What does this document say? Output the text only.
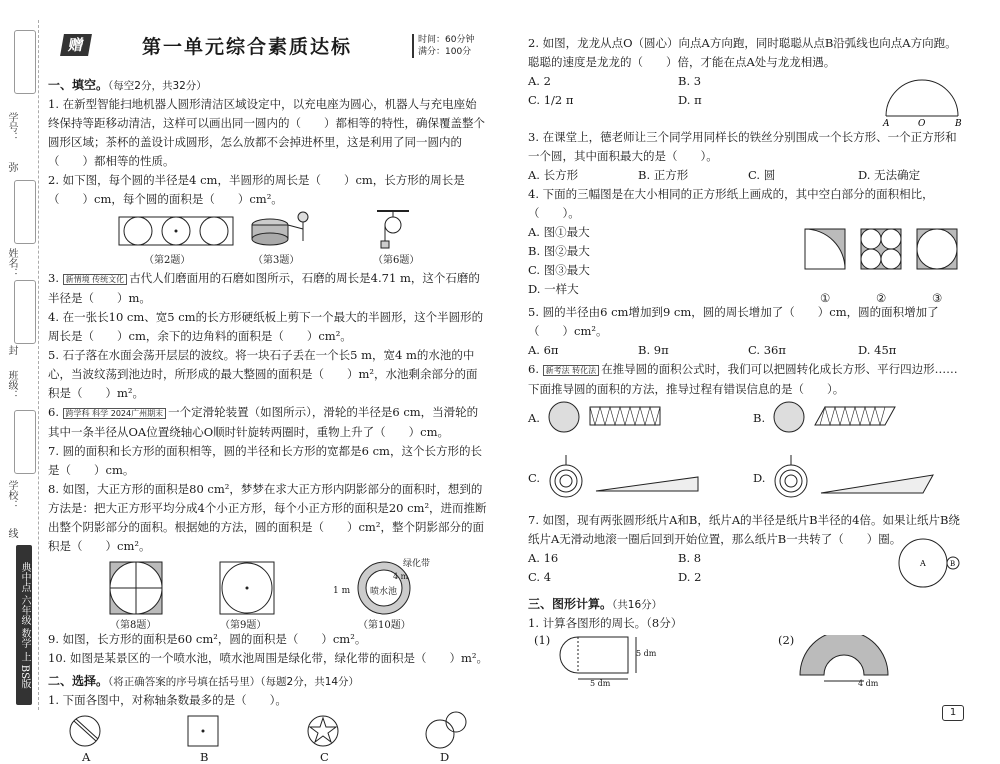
学号：
弥
姓名：
封
班级：
学校：
线
典中点 六年级 数学 上 BS版
赠	第一单元综合素质达标	时间：60分钟
满分：100分
一、填空。（每空2分，共32分）

1. 在新型智能扫地机器人圆形清洁区域设定中，以充电座为圆心，机器人与充电座始终保持等距移动清洁，这样可以画出同一圆内的（　　）都相等的特性，确保覆盖整个圆形区域；茶杯的盖设计成圆形，怎么放都不会掉进杯里，这是利用了同一圆内的（　　）都相等的性质。

2. 如下图，每个圆的半径是4 cm，半圆形的周长是（　　）cm，长方形的周长是（　　）cm，每个圆的面积是（　　）cm²。

（第2题）	（第3题）	（第6题）

3. 新情境 传统文化 古代人们磨面用的石磨如图所示，石磨的周长是4.71 m，这个石磨的半径是（　　）m。

4. 在一张长10 cm、宽5 cm的长方形硬纸板上剪下一个最大的半圆形，这个半圆形的周长是（　　）cm，余下的边角料的面积是（　　）cm²。

5. 石子落在水面会荡开层层的波纹。将一块石子丢在一个长5 m，宽4 m的水池的中心，当波纹荡到池边时，所形成的最大整圆的面积是（　　）m²，水池剩余部分的面积是（　　）m²。

6. 跨学科 科学 2024广州期末 一个定滑轮装置（如图所示），滑轮的半径是6 cm，当滑轮的其中一条半径从OA位置绕轴心O顺时针旋转两圈时，重物上升了（　　）cm。

7. 圆的面积和长方形的面积相等，圆的半径和长方形的宽都是6 cm，这个长方形的长是（　　）cm。

8. 如图，大正方形的面积是80 cm²，梦梦在求大正方形内阴影部分的面积时，想到的方法是：把大正方形平均分成4个小正方形，每个小正方形的面积是20 cm²，进而推断出整个阴影部分的面积。根据她的方法，圆的面积是（　　）cm²，整个阴影部分的面积是（　　）cm²。

（第8题）	（第9题）
绿化带
喷水池
1 m
4 m
（第10题）

9. 如图，长方形的面积是60 cm²，圆的面积是（　　）cm²。

10. 如图是某景区的一个喷水池，喷水池周围是绿化带，绿化带的面积是（　　）m²。

二、选择。（将正确答案的序号填在括号里）（每题2分，共14分）

1. 下面各图中，对称轴条数最多的是（　　）。

A	B	C	D

2. 如图，龙龙从点O（圆心）向点A方向跑，同时聪聪从点B沿弧线也向点A方向跑。聪聪的速度是龙龙的（　　）倍，才能在点A处与龙龙相遇。

A. 2	B. 3
C. 1/2 π	D. π
A	O	B

3. 在课堂上，德老师让三个同学用同样长的铁丝分别围成一个长方形、一个正方形和一个圆，其中面积最大的是（　　）。

A. 长方形	B. 正方形	C. 圆	D. 无法确定

4. 下面的三幅图是在大小相同的正方形纸上画成的，其中空白部分的面积相比，（　　）。

A. 图①最大
B. 图②最大
C. 图③最大
D. 一样大
①	②	③

5. 圆的半径由6 cm增加到9 cm，圆的周长增加了（　　）cm，圆的面积增加了（　　）cm²。

A. 6π	B. 9π	C. 36π	D. 45π

6. 新考法 转化法 在推导圆的面积公式时，我们可以把圆转化成长方形、平行四边形……下面推导圆的面积的方法，推导过程有错误信息的是（　　）。

A.	B.
C.	D.

7. 如图，现有两张圆形纸片A和B，纸片A的半径是纸片B半径的4倍。如果让纸片B绕纸片A无滑动地滚一圈后回到开始位置，那么纸片B一共转了（　　）圈。

A. 16	B. 8
C. 4	D. 2
A	B
三、图形计算。（共16分）

1. 计算各图形的周长。（8分）

(1)
5 dm
5 dm
(2)
4 dm
1
